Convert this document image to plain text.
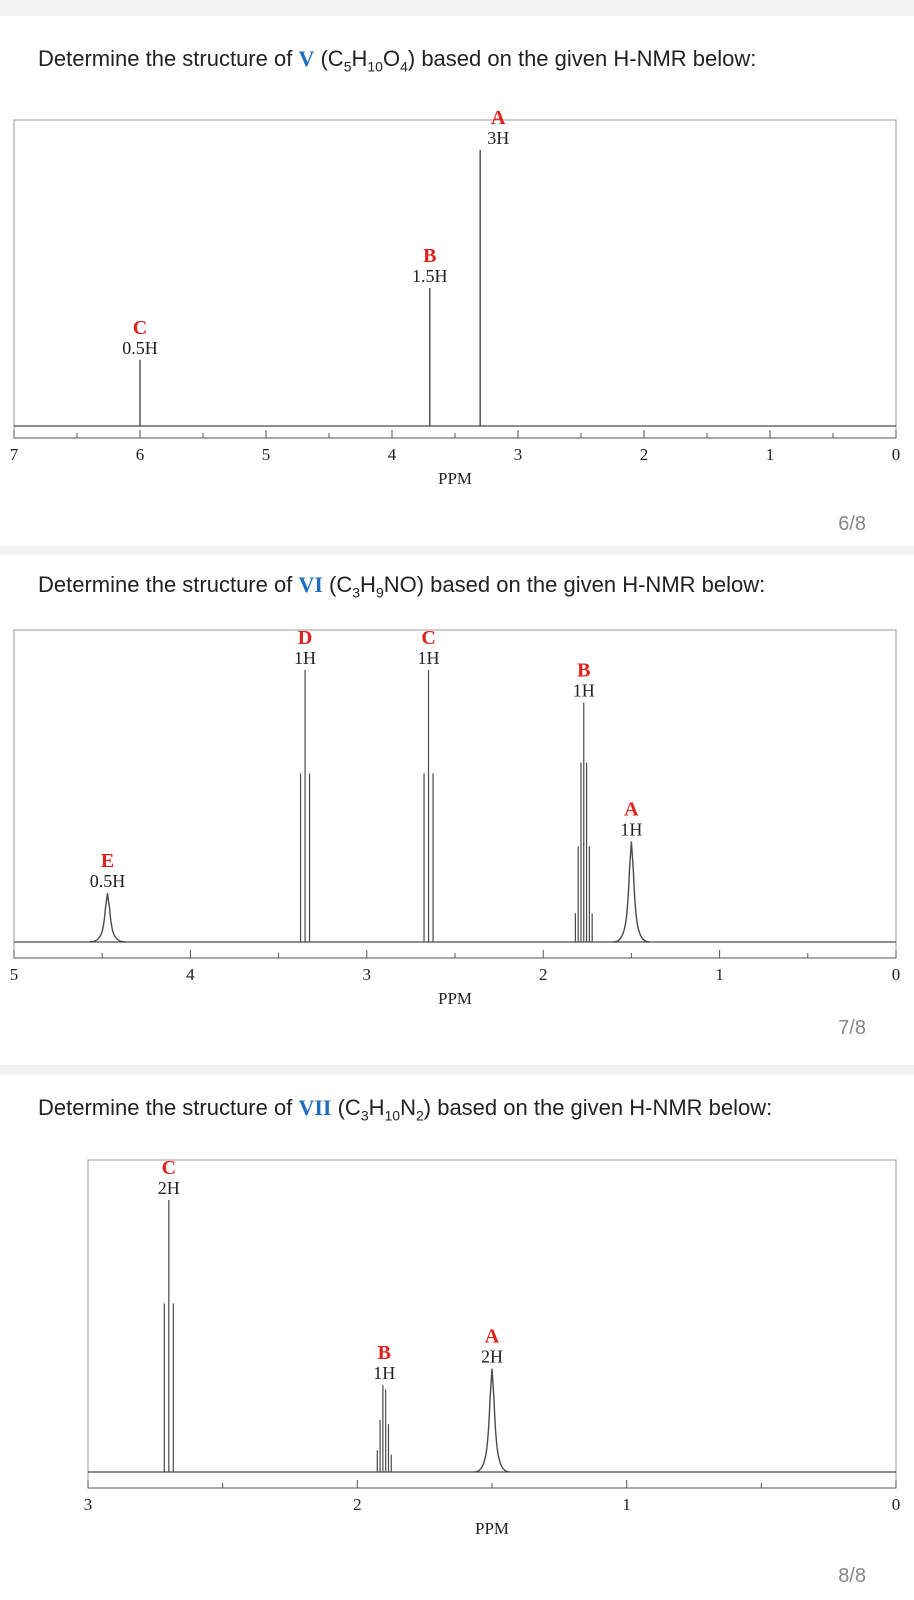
Determine the structure of V $(C_5H_{10}O_4)$ based on the given H-NMR below:
6/8
Determine the structure of VI $(C_3H_9NO)$ based on the given H-NMR below:
7/8
Determine the structure of VII $(C_3H_{10}N_2)$ based on the given H-NMR below:
8/8
7	6	5	4	3	2	1	0
PPM
A
3H
B
1.5H
C
0.5H
5	4	3	2	1	0
PPM
D
1H
C
1H
B
1H
A
1H
E
0.5H
3	2	1	0
PPM
C
2H
B
1H
A
2H
